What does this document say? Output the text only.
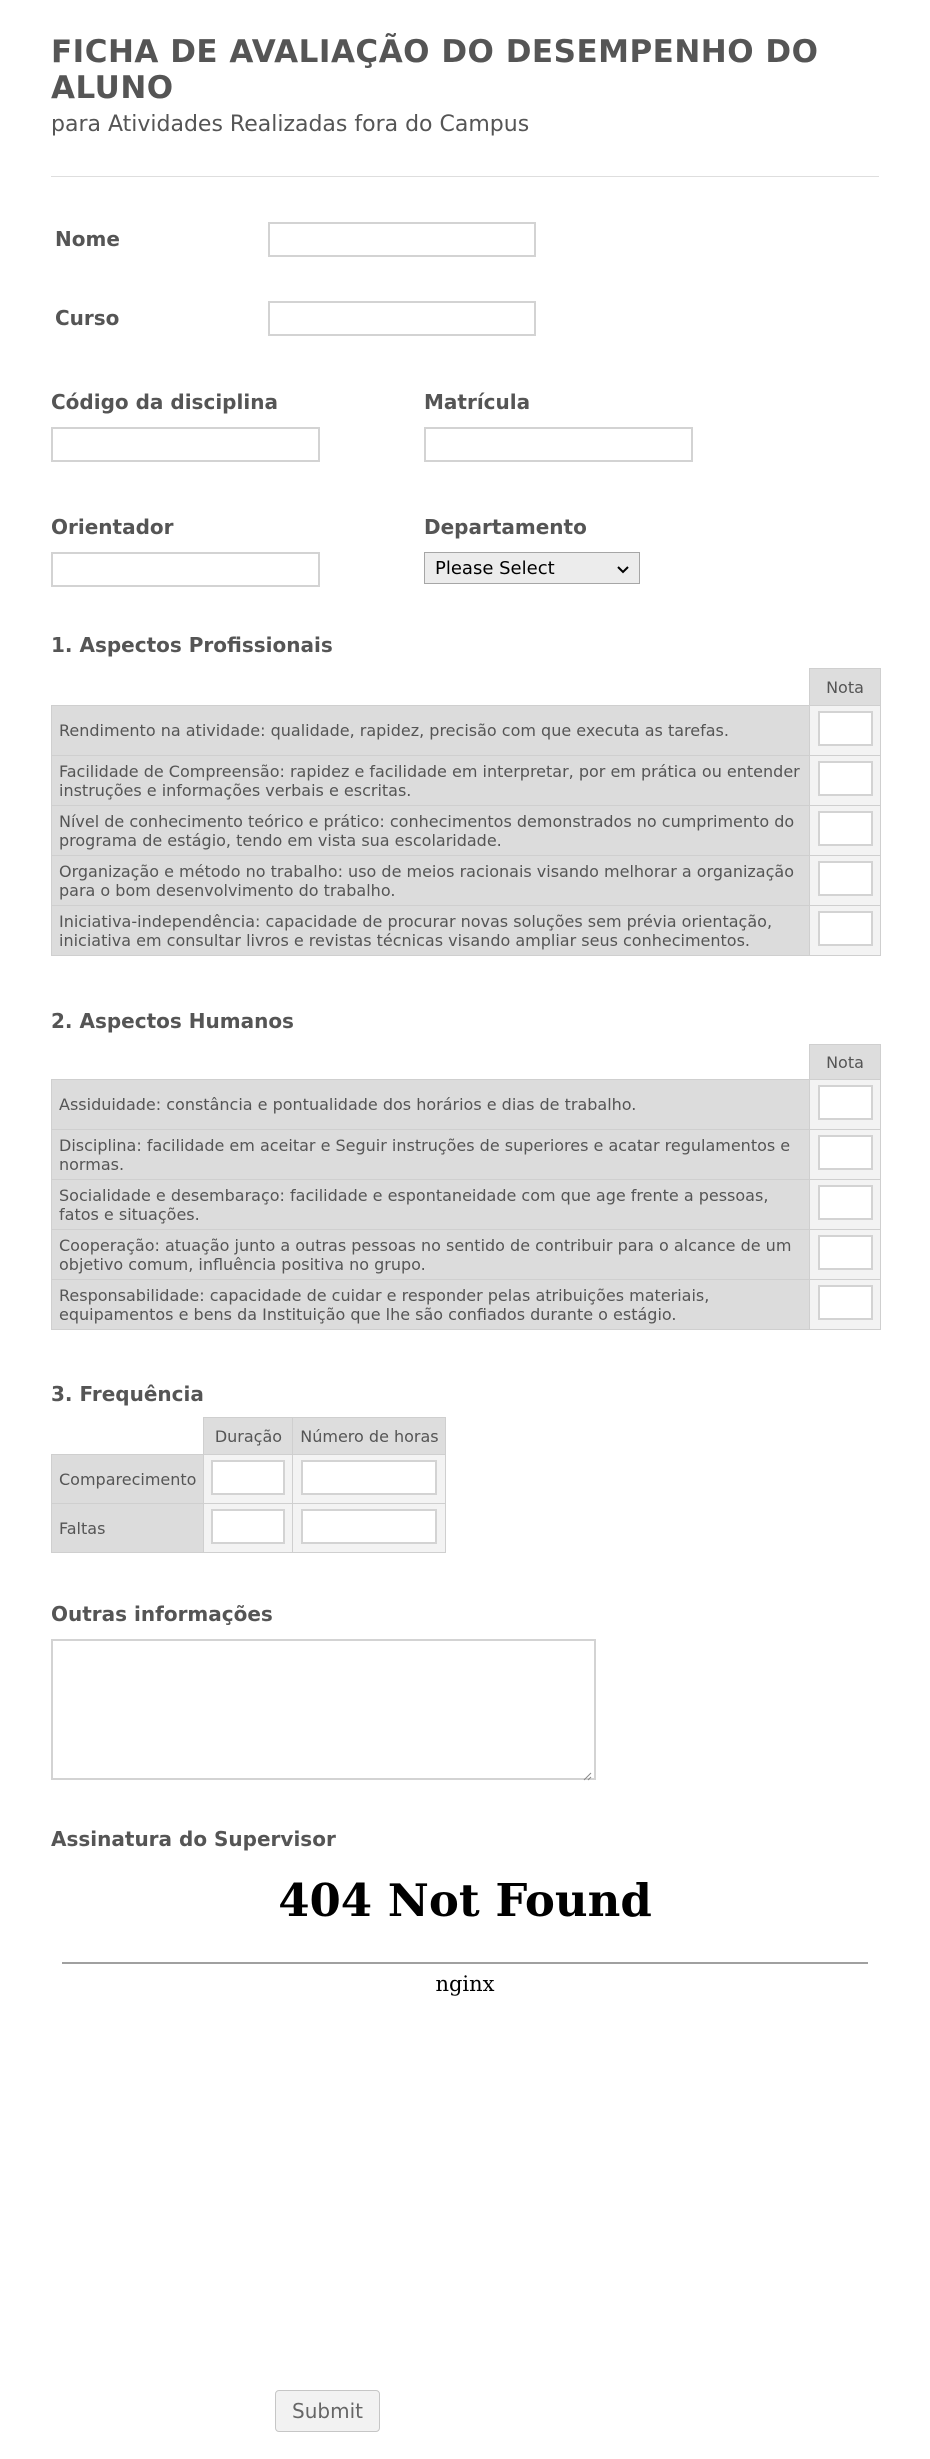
FICHA DE AVALIAÇÃO DO DESEMPENHO DO ALUNO
para Atividades Realizadas fora do Campus
Nome
Curso
Código da disciplina	Matrícula
Orientador	Departamento
Please Select
1. Aspectos Profissionais
	Nota
Rendimento na atividade: qualidade, rapidez, precisão com que executa as tarefas.	
Facilidade de Compreensão: rapidez e facilidade em interpretar, por em prática ou entender instruções e informações verbais e escritas.	
Nível de conhecimento teórico e prático: conhecimentos demonstrados no cumprimento do programa de estágio, tendo em vista sua escolaridade.	
Organização e método no trabalho: uso de meios racionais visando melhorar a organização para o bom desenvolvimento do trabalho.	
Iniciativa-independência: capacidade de procurar novas soluções sem prévia orientação, iniciativa em consultar livros e revistas técnicas visando ampliar seus conhecimentos.	
2. Aspectos Humanos
	Nota
Assiduidade: constância e pontualidade dos horários e dias de trabalho.	
Disciplina: facilidade em aceitar e Seguir instruções de superiores e acatar regulamentos e normas.	
Socialidade e desembaraço: facilidade e espontaneidade com que age frente a pessoas, fatos e situações.	
Cooperação: atuação junto a outras pessoas no sentido de contribuir para o alcance de um objetivo comum, influência positiva no grupo.	
Responsabilidade: capacidade de cuidar e responder pelas atribuições materiais, equipamentos e bens da Instituição que lhe são confiados durante o estágio.	
3. Frequência
	Duração	Número de horas
Comparecimento		
Faltas		
Outras informações
Assinatura do Supervisor
404 Not Found
nginx
Submit
